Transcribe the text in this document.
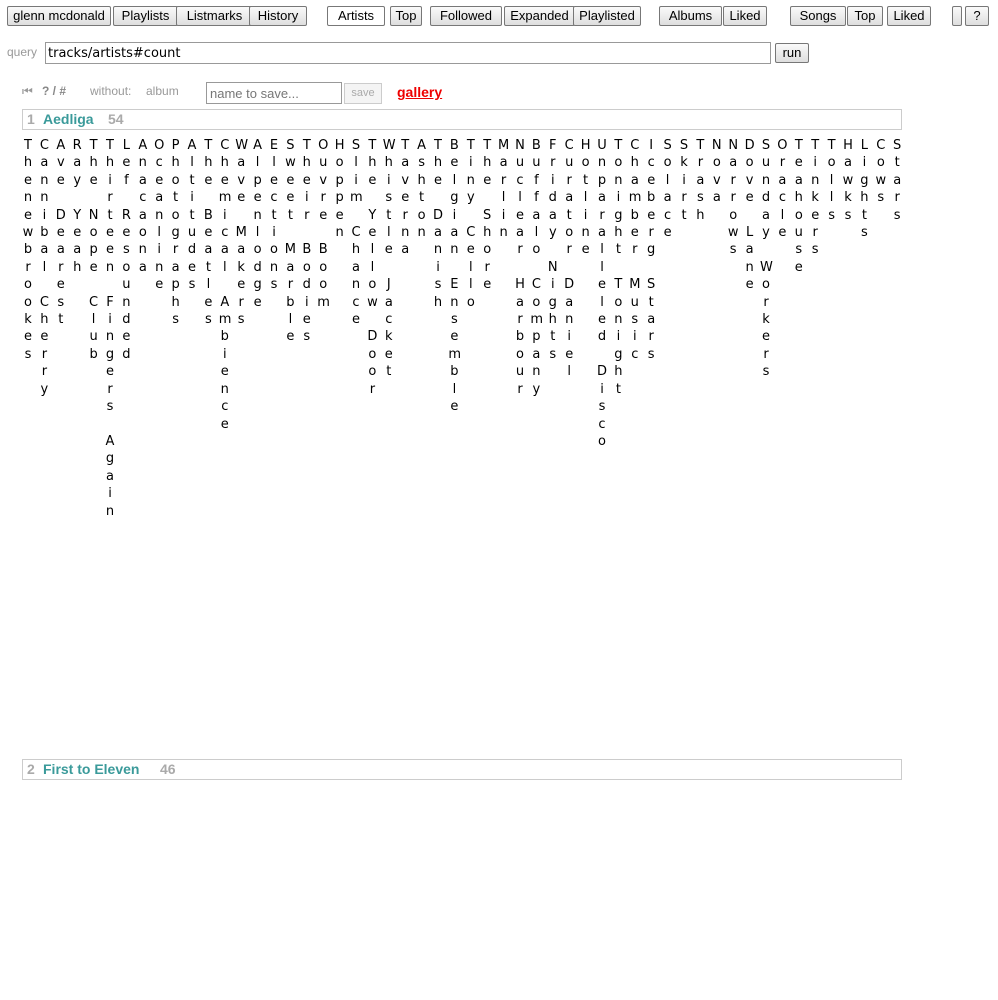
glenn mcdonald	Playlists	Listmarks	History	Artists	Top	Followed	Expanded Playlisted	Albums	Liked	Songs	Top	Liked	?
query
tracks/artists#count	run
⏮ ? / # without: album
name to save...	save	gallery
1 Aedliga 54
T
h
e
n
e
w
b
r
o
o
k
e
s
C
a
n
n
i
b
a
l

C
h
e
r
r
y
A
v
e

D
e
a
r
e
s
t
R
a
y

Y
e
a
h
T
h
e

N
o
p
e

C
l
u
b
T
h
i
r
t
e
e
n

F
i
n
g
e
r
s

A
g
a
i
n
L
e
f

R
e
s
o
u
n
d
e
d
A
n
a
c
a
o
n
a
O
c
e
a
n
l
i
n
e
P
h
o
t
o
g
r
a
p
h
s
A
l
t
i
t
u
d
e
s
T
h
e

B
e
a
t
l
e
s
C
h
e
m
i
c
a
l

A
m
b
i
e
n
c
e
W
a
v
e

M
a
k
e
r
s
A
l
p
e
n
l
o
d
g
e
E
l
e
c
t
i
o
n
s
S
w
e
e
t

M
a
r
b
l
e
T
h
e
i
r

B
o
d
i
e
s
O
u
v
r
e

B
o
o
m
H
o
p
p
e
n
S
l
i
m

C
h
a
n
c
e
T
h
e

Y
e
l
l
o
w

D
o
o
r
W
h
i
s
t
l
e

J
a
c
k
e
t
T
a
v
e
r
n
a
A
s
h
t
o
n
T
h
e

D
a
n
i
s
h
B
e
l
g
i
a
n

E
n
s
e
m
b
l
e
T
i
n
y

C
e
l
l
o
T
h
e

S
h
o
r
e
M
a
r
l
i
n
N
u
c
l
e
a
r

H
a
r
b
o
u
r
B
u
f
f
a
l
o

C
o
m
p
a
n
y
F
r
i
d
a
y

N
i
g
h
t
s
C
u
r
a
t
o
r

D
a
n
i
e
l
H
o
t
l
i
n
e
U
n
p
a
r
a
l
l
e
l
e
d

D
i
s
c
o
T
o
n
i
g
h
t

T
o
n
i
g
h
t
C
h
a
m
b
e
r

M
u
s
i
c
I
c
e
b
e
r
g

S
t
a
r
s
S
o
l
a
c
e
S
k
i
r
t
T
r
a
s
h
N
o
v
a
N
a
r
r
o
w
s
D
o
v
e

L
a
n
e
S
u
n
d
a
y

W
o
r
k
e
r
s
O
r
a
c
l
e
T
e
a
h
o
u
s
e
T
i
n
k
e
r
s
T
o
l
l
s
H
a
w
k
s
L
i
g
h
t
s
C
o
w
s
S
t
a
r
s
2 First to Eleven 46
